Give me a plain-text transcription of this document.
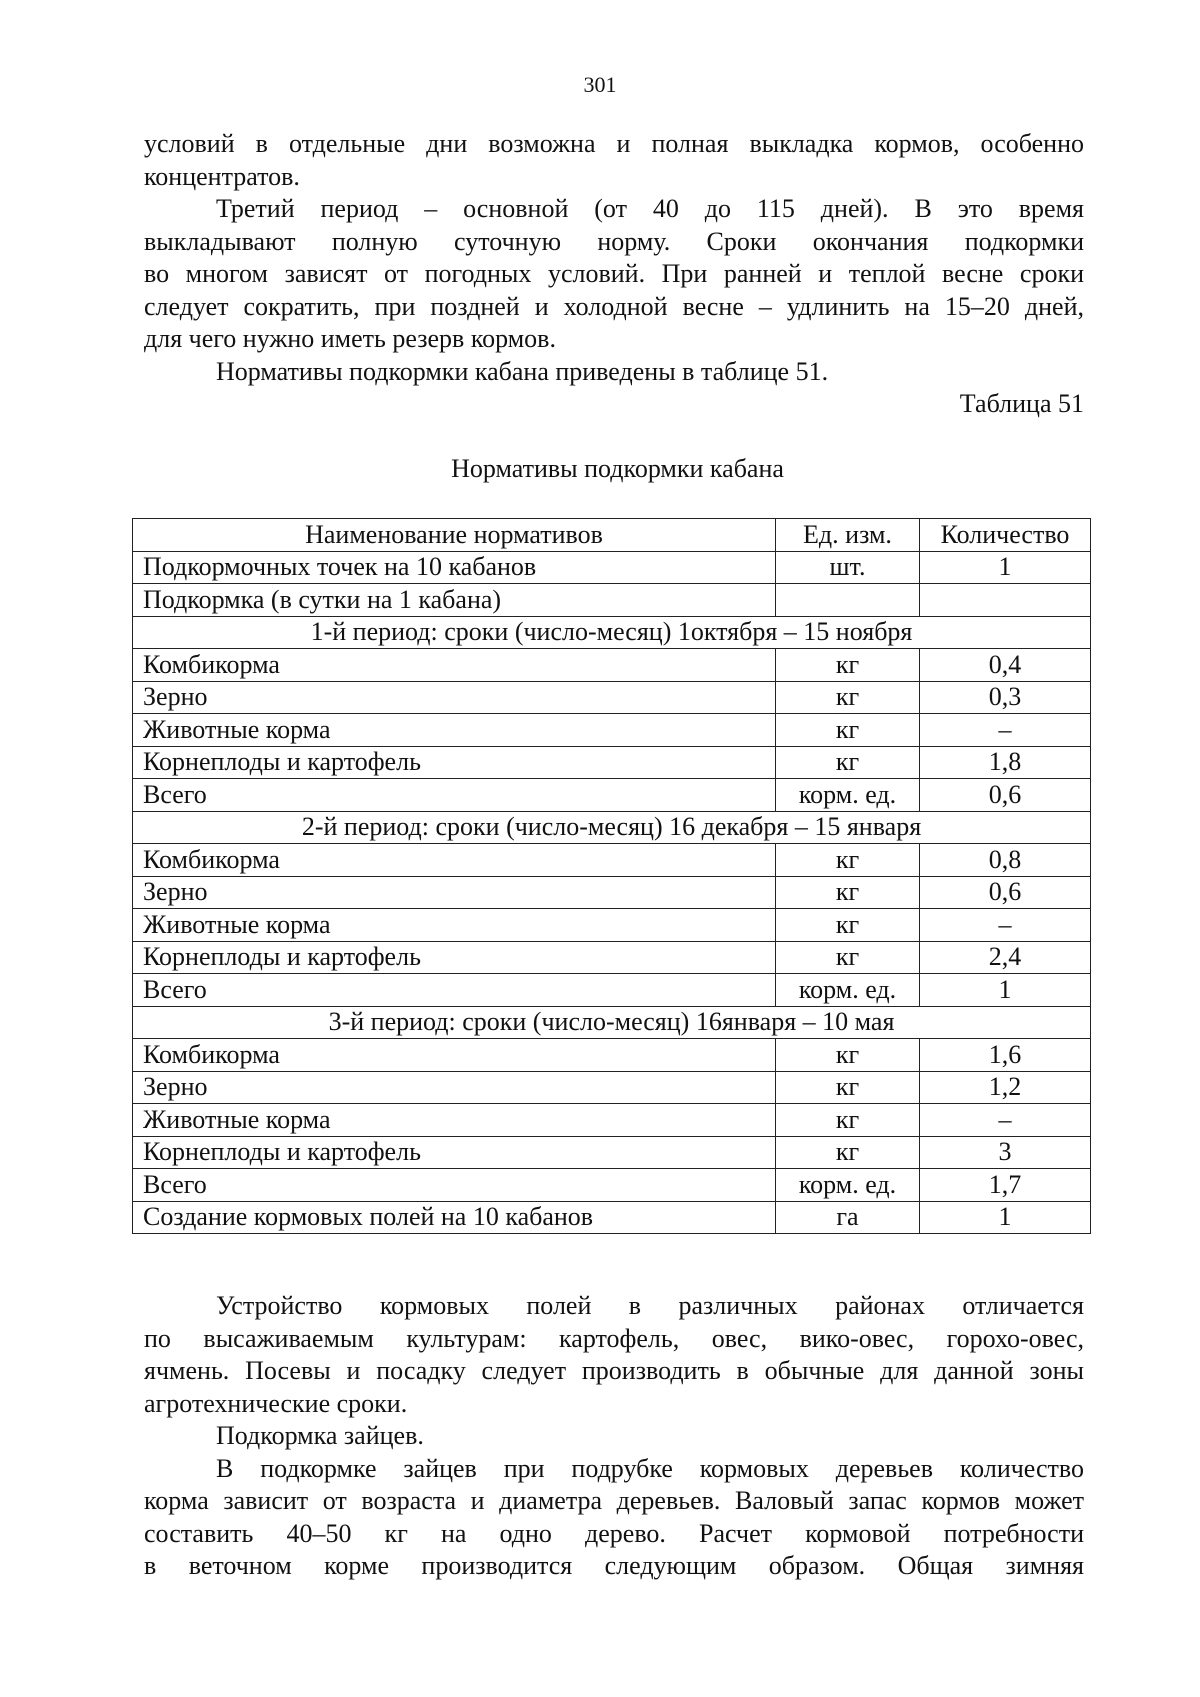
301
условий в отдельные дни возможна и полная выкладка кормов, особенно
концентратов.
Третий период – основной (от 40 до 115 дней). В это время
выкладывают полную суточную норму. Сроки окончания подкормки
во многом зависят от погодных условий. При ранней и теплой весне сроки
следует сократить, при поздней и холодной весне – удлинить на 15–20 дней,
для чего нужно иметь резерв кормов.
Нормативы подкормки кабана приведены в таблице 51.
Таблица 51
Нормативы подкормки кабана
Наименование нормативов	Ед. изм.	Количество
Подкормочных точек на 10 кабанов	шт.	1
Подкормка (в сутки на 1 кабана)		
1-й период: сроки (число-месяц) 1октября – 15 ноября		
Комбикорма	кг	0,4
Зерно	кг	0,3
Животные корма	кг	–
Корнеплоды и картофель	кг	1,8
Всего	корм. ед.	0,6
2-й период: сроки (число-месяц) 16 декабря – 15 января		
Комбикорма	кг	0,8
Зерно	кг	0,6
Животные корма	кг	–
Корнеплоды и картофель	кг	2,4
Всего	корм. ед.	1
3-й период: сроки (число-месяц) 16января – 10 мая		
Комбикорма	кг	1,6
Зерно	кг	1,2
Животные корма	кг	–
Корнеплоды и картофель	кг	3
Всего	корм. ед.	1,7
Создание кормовых полей на 10 кабанов	га	1
Устройство кормовых полей в различных районах отличается
по высаживаемым культурам: картофель, овес, вико-овес, горохо-овес,
ячмень. Посевы и посадку следует производить в обычные для данной зоны
агротехнические сроки.
Подкормка зайцев.
В подкормке зайцев при подрубке кормовых деревьев количество
корма зависит от возраста и диаметра деревьев. Валовый запас кормов может
составить 40–50 кг на одно дерево. Расчет кормовой потребности
в веточном корме производится следующим образом. Общая зимняя
